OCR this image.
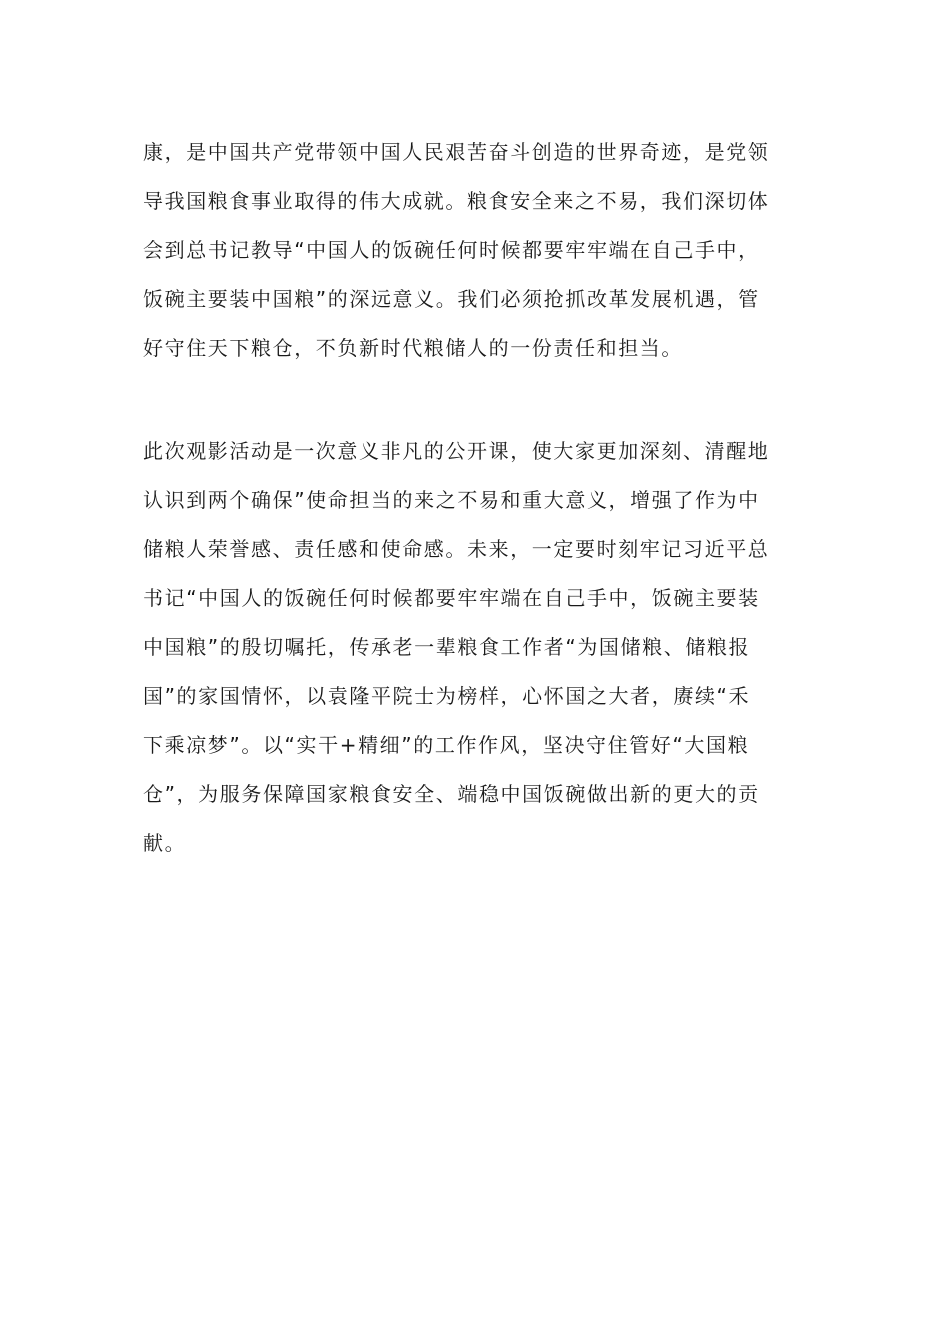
康，是中国共产党带领中国人民艰苦奋斗创造的世界奇迹，是党领
导我国粮食事业取得的伟大成就。粮食安全来之不易，我们深切体
会到总书记教导“中国人的饭碗任何时候都要牢牢端在自己手中，
饭碗主要装中国粮”的深远意义。我们必须抢抓改革发展机遇，管
好守住天下粮仓，不负新时代粮储人的一份责任和担当。
此次观影活动是一次意义非凡的公开课，使大家更加深刻、清醒地
认识到两个确保”使命担当的来之不易和重大意义，增强了作为中
储粮人荣誉感、责任感和使命感。未来，一定要时刻牢记习近平总
书记“中国人的饭碗任何时候都要牢牢端在自己手中，饭碗主要装
中国粮”的殷切嘱托，传承老一辈粮食工作者“为国储粮、储粮报
国”的家国情怀，以袁隆平院士为榜样，心怀国之大者，赓续“禾
下乘凉梦”。以“实干+精细”的工作作风，坚决守住管好“大国粮
仓”，为服务保障国家粮食安全、端稳中国饭碗做出新的更大的贡
献。
